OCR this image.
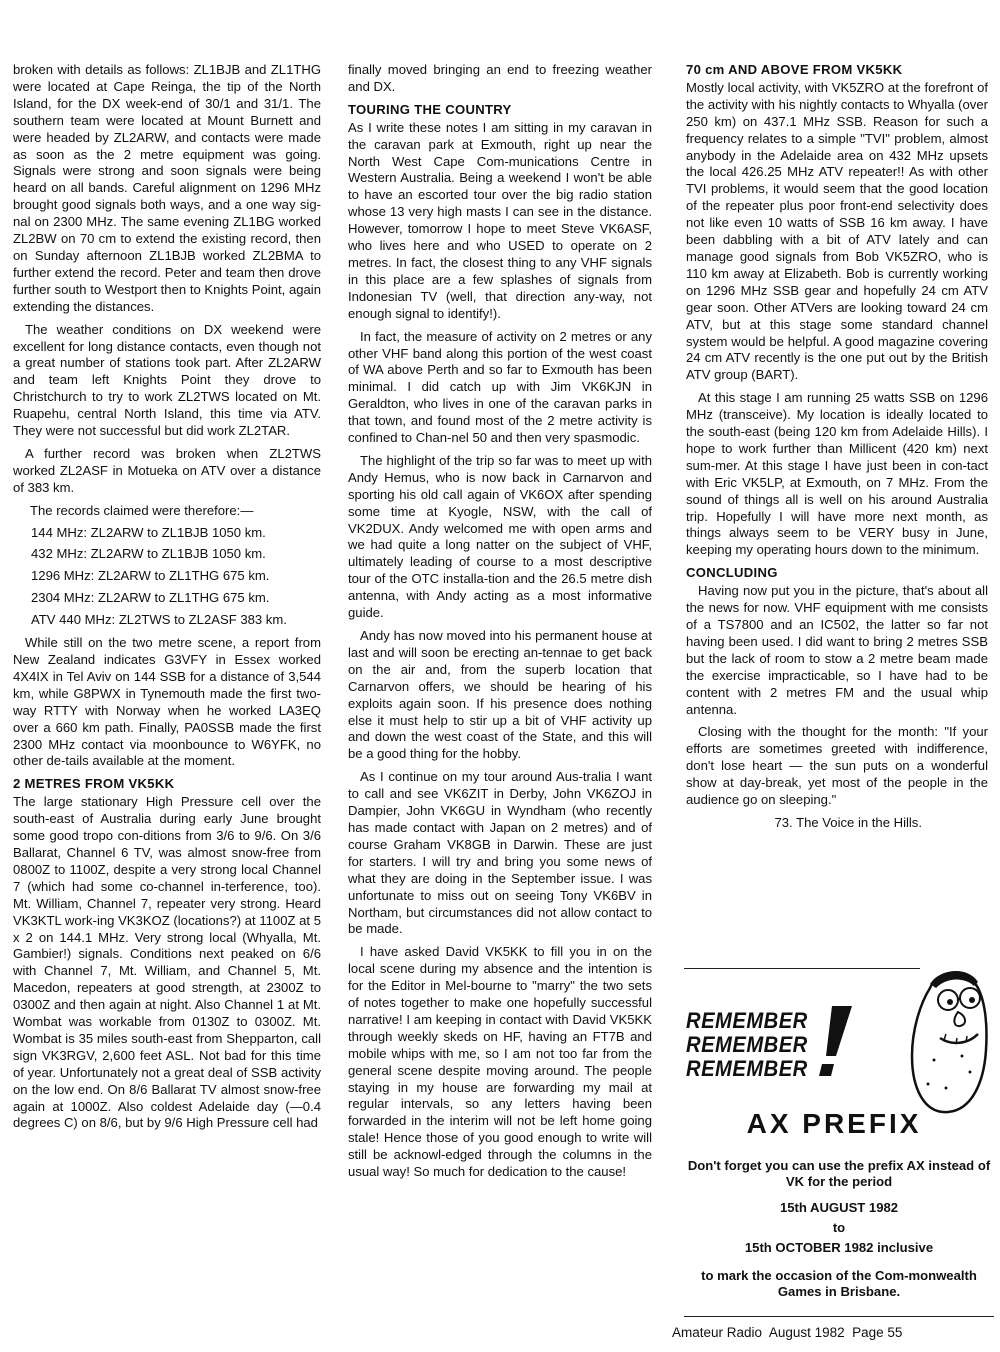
broken with details as follows: ZL1BJB and ZL1THG were located at Cape Reinga, the tip of the North Island, for the DX week-end of 30/1 and 31/1. The southern team were located at Mount Burnett and were headed by ZL2ARW, and contacts were made as soon as the 2 metre equipment was going. Signals were strong and soon signals were being heard on all bands. Careful alignment on 1296 MHz brought good signals both ways, and a one way sig-nal on 2300 MHz. The same evening ZL1BG worked ZL2BW on 70 cm to extend the existing record, then on Sunday afternoon ZL1BJB worked ZL2BMA to further extend the record. Peter and team then drove further south to Westport then to Knights Point, again extending the distances.

The weather conditions on DX weekend were excellent for long distance contacts, even though not a great number of stations took part. After ZL2ARW and team left Knights Point they drove to Christchurch to try to work ZL2TWS located on Mt. Ruapehu, central North Island, this time via ATV. They were not successful but did work ZL2TAR.

A further record was broken when ZL2TWS worked ZL2ASF in Motueka on ATV over a distance of 383 km.

The records claimed were therefore:—

144 MHz: ZL2ARW to ZL1BJB 1050 km.
432 MHz: ZL2ARW to ZL1BJB 1050 km.
1296 MHz: ZL2ARW to ZL1THG 675 km.
2304 MHz: ZL2ARW to ZL1THG 675 km.
ATV 440 MHz: ZL2TWS to ZL2ASF 383 km.

While still on the two metre scene, a report from New Zealand indicates G3VFY in Essex worked 4X4IX in Tel Aviv on 144 SSB for a distance of 3,544 km, while G8PWX in Tynemouth made the first two-way RTTY with Norway when he worked LA3EQ over a 660 km path. Finally, PA0SSB made the first 2300 MHz contact via moonbounce to W6YFK, no other de-tails available at the moment.

2 METRES FROM VK5KK

The large stationary High Pressure cell over the south-east of Australia during early June brought some good tropo con-ditions from 3/6 to 9/6. On 3/6 Ballarat, Channel 6 TV, was almost snow-free from 0800Z to 1100Z, despite a very strong local Channel 7 (which had some co-channel in-terference, too). Mt. William, Channel 7, repeater very strong. Heard VK3KTL work-ing VK3KOZ (locations?) at 1100Z at 5 x 2 on 144.1 MHz. Very strong local (Whyalla, Mt. Gambier!) signals. Conditions next peaked on 6/6 with Channel 7, Mt. William, and Channel 5, Mt. Macedon, repeaters at good strength, at 2300Z to 0300Z and then again at night. Also Channel 1 at Mt. Wombat was workable from 0130Z to 0300Z. Mt. Wombat is 35 miles south-east from Shepparton, call sign VK3RGV, 2,600 feet ASL. Not bad for this time of year. Unfortunately not a great deal of SSB activity on the low end. On 8/6 Ballarat TV almost snow-free again at 1000Z. Also coldest Adelaide day (—0.4 degrees C) on 8/6, but by 9/6 High Pressure cell had

finally moved bringing an end to freezing weather and DX.

TOURING THE COUNTRY

As I write these notes I am sitting in my caravan in the caravan park at Exmouth, right up near the North West Cape Com-munications Centre in Western Australia. Being a weekend I won't be able to have an escorted tour over the big radio station whose 13 very high masts I can see in the distance. However, tomorrow I hope to meet Steve VK6ASF, who lives here and who USED to operate on 2 metres. In fact, the closest thing to any VHF signals in this place are a few splashes of signals from Indonesian TV (well, that direction any-way, not enough signal to identify!).

In fact, the measure of activity on 2 metres or any other VHF band along this portion of the west coast of WA above Perth and so far to Exmouth has been minimal. I did catch up with Jim VK6KJN in Geraldton, who lives in one of the caravan parks in that town, and found most of the 2 metre activity is confined to Chan-nel 50 and then very spasmodic.

The highlight of the trip so far was to meet up with Andy Hemus, who is now back in Carnarvon and sporting his old call again of VK6OX after spending some time at Kyogle, NSW, with the call of VK2DUX. Andy welcomed me with open arms and we had quite a long natter on the subject of VHF, ultimately leading of course to a most descriptive tour of the OTC installa-tion and the 26.5 metre dish antenna, with Andy acting as a most informative guide.

Andy has now moved into his permanent house at last and will soon be erecting an-tennae to get back on the air and, from the superb location that Carnarvon offers, we should be hearing of his exploits again soon. If his presence does nothing else it must help to stir up a bit of VHF activity up and down the west coast of the State, and this will be a good thing for the hobby.

As I continue on my tour around Aus-tralia I want to call and see VK6ZIT in Derby, John VK6ZOJ in Dampier, John VK6GU in Wyndham (who recently has made contact with Japan on 2 metres) and of course Graham VK8GB in Darwin. These are just for starters. I will try and bring you some news of what they are doing in the September issue. I was unfortunate to miss out on seeing Tony VK6BV in Northam, but circumstances did not allow contact to be made.

I have asked David VK5KK to fill you in on the local scene during my absence and the intention is for the Editor in Mel-bourne to "marry" the two sets of notes together to make one hopefully successful narrative! I am keeping in contact with David VK5KK through weekly skeds on HF, having an FT7B and mobile whips with me, so I am not too far from the general scene despite moving around. The people staying in my house are forwarding my mail at regular intervals, so any letters having been forwarded in the interim will not be left home going stale! Hence those of you good enough to write will still be acknowl-edged through the columns in the usual way! So much for dedication to the cause!

70 cm AND ABOVE FROM VK5KK

Mostly local activity, with VK5ZRO at the forefront of the activity with his nightly contacts to Whyalla (over 250 km) on 437.1 MHz SSB. Reason for such a frequency relates to a simple "TVI" problem, almost anybody in the Adelaide area on 432 MHz upsets the local 426.25 MHz ATV repeater!! As with other TVI problems, it would seem that the good location of the repeater plus poor front-end selectivity does not like even 10 watts of SSB 16 km away. I have been dabbling with a bit of ATV lately and can manage good signals from Bob VK5ZRO, who is 110 km away at Elizabeth. Bob is currently working on 1296 MHz SSB gear and hopefully 24 cm ATV gear soon. Other ATVers are looking toward 24 cm ATV, but at this stage some standard channel system would be helpful. A good magazine covering 24 cm ATV recently is the one put out by the British ATV group (BART).

At this stage I am running 25 watts SSB on 1296 MHz (transceive). My location is ideally located to the south-east (being 120 km from Adelaide Hills). I hope to work further than Millicent (420 km) next sum-mer. At this stage I have just been in con-tact with Eric VK5LP, at Exmouth, on 7 MHz. From the sound of things all is well on his around Australia trip. Hopefully I will have more next month, as things always seem to be VERY busy in June, keeping my operating hours down to the minimum.

CONCLUDING

Having now put you in the picture, that's about all the news for now. VHF equipment with me consists of a TS7800 and an IC502, the latter so far not having been used. I did want to bring 2 metres SSB but the lack of room to stow a 2 metre beam made the exercise impracticable, so I have had to be content with 2 metres FM and the usual whip antenna.

Closing with the thought for the month: "If your efforts are sometimes greeted with indifference, don't lose heart — the sun puts on a wonderful show at day-break, yet most of the people in the audience go on sleeping."

73. The Voice in the Hills.

REMEMBER
REMEMBER
REMEMBER
AX PREFIX
Don't forget you can use the prefix AX instead of VK for the period
15th AUGUST 1982
to
15th OCTOBER 1982 inclusive
to mark the occasion of the Com-monwealth Games in Brisbane.
Amateur Radio August 1982 Page 55
